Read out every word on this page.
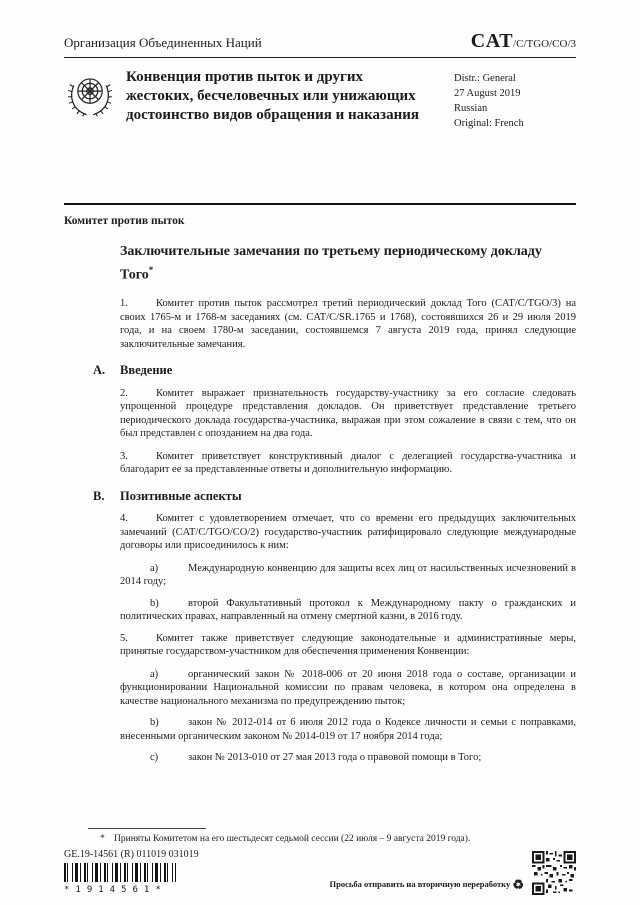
Организация Объединенных Наций	CAT/C/TGO/CO/3
Конвенция против пыток и других жестоких, бесчеловечных или унижающих достоинство видов обращения и наказания
Distr.: General
27 August 2019
Russian
Original: French
Комитет против пыток
Заключительные замечания по третьему периодическому докладу Того*

1.	Комитет против пыток рассмотрел третий периодический доклад Того (CAT/C/TGO/3) на своих 1765-м и 1768-м заседаниях (см. CAT/C/SR.1765 и 1768), состоявшихся 26 и 29 июля 2019 года, и на своем 1780-м заседании, состоявшемся 7 августа 2019 года, принял следующие заключительные замечания.

A. Введение

2.	Комитет выражает признательность государству-участнику за его согласие следовать упрощенной процедуре представления докладов. Он приветствует представление третьего периодического доклада государства-участника, выражая при этом сожаление в связи с тем, что он был представлен с опозданием на два года.

3.	Комитет приветствует конструктивный диалог с делегацией государства-участника и благодарит ее за представленные ответы и дополнительную информацию.

B. Позитивные аспекты

4.	Комитет с удовлетворением отмечает, что со времени его предыдущих заключительных замечаний (CAT/C/TGO/CO/2) государство-участник ратифицировало следующие международные договоры или присоединилось к ним:

a)	Международную конвенцию для защиты всех лиц от насильственных исчезновений в 2014 году;

b)	второй Факультативный протокол к Международному пакту о гражданских и политических правах, направленный на отмену смертной казни, в 2016 году.

5.	Комитет также приветствует следующие законодательные и административные меры, принятые государством-участником для обеспечения применения Конвенции:

a)	органический закон № 2018-006 от 20 июня 2018 года о составе, организации и функционировании Национальной комиссии по правам человека, в котором она определена в качестве национального механизма по предупреждению пыток;

b)	закон № 2012-014 от 6 июля 2012 года о Кодексе личности и семьи с поправками, внесенными органическим законом № 2014-019 от 17 ноября 2014 года;

c)	закон № 2013-010 от 27 мая 2013 года о правовой помощи в Того;

* Приняты Комитетом на его шестьдесят седьмой сессии (22 июля – 9 августа 2019 года).
GE.19-14561 (R) 011019 031019
*1914561*
Просьба отправить на вторичную переработку ♻
